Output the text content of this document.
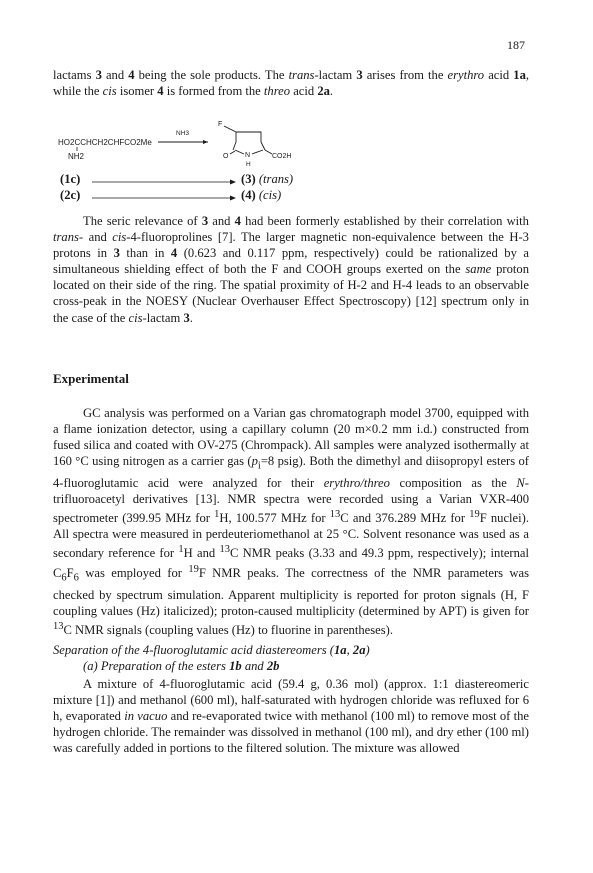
187

lactams 3 and 4 being the sole products. The trans-lactam 3 arises from the erythro acid 1a, while the cis isomer 4 is formed from the threo acid 2a.

HO2CCHCH2CHFCO2Me
NH2
NH3
F
O N
H
CO2H
(1c)	(3) (trans)
(2c)	(4) (cis)

The seric relevance of 3 and 4 had been formerly established by their correlation with trans- and cis-4-fluoroprolines [7]. The larger magnetic non-equivalence between the H-3 protons in 3 than in 4 (0.623 and 0.117 ppm, respectively) could be rationalized by a simultaneous shielding effect of both the F and COOH groups exerted on the same proton located on their side of the ring. The spatial proximity of H-2 and H-4 leads to an observable cross-peak in the NOESY (Nuclear Overhauser Effect Spectroscopy) [12] spectrum only in the case of the cis-lactam 3.

Experimental

GC analysis was performed on a Varian gas chromatograph model 3700, equipped with a flame ionization detector, using a capillary column (20 m×0.2 mm i.d.) constructed from fused silica and coated with OV-275 (Chrompack). All samples were analyzed isothermally at 160 °C using nitrogen as a carrier gas ($p_i=8$ psig). Both the dimethyl and diisopropyl esters of 4-fluoroglutamic acid were analyzed for their erythro/threo composition as the N-trifluoroacetyl derivatives [13]. NMR spectra were recorded using a Varian VXR-400 spectrometer (399.95 MHz for $^1$H, 100.577 MHz for $^{13}$C and 376.289 MHz for $^{19}$F nuclei). All spectra were measured in perdeuteriomethanol at 25 °C. Solvent resonance was used as a secondary reference for $^1$H and $^{13}$C NMR peaks (3.33 and 49.3 ppm, respectively); internal $C_6F_6$ was employed for $^{19}$F NMR peaks. The correctness of the NMR parameters was checked by spectrum simulation. Apparent multiplicity is reported for proton signals (H, F coupling values (Hz) italicized); proton-caused multiplicity (determined by APT) is given for $^{13}$C NMR signals (coupling values (Hz) to fluorine in parentheses).

Separation of the 4-fluoroglutamic acid diastereomers (1a, 2a)
(a) Preparation of the esters 1b and 2b

A mixture of 4-fluoroglutamic acid (59.4 g, 0.36 mol) (approx. 1:1 diastereomeric mixture [1]) and methanol (600 ml), half-saturated with hydrogen chloride was refluxed for 6 h, evaporated in vacuo and re-evaporated twice with methanol (100 ml) to remove most of the hydrogen chloride. The remainder was dissolved in methanol (100 ml), and dry ether (100 ml) was carefully added in portions to the filtered solution. The mixture was allowed
